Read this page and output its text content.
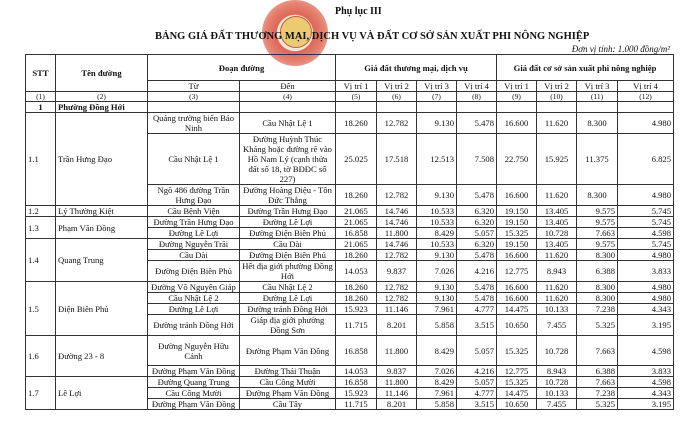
Phụ lục III
BẢNG GIÁ ĐẤT THƯƠNG MẠI, DỊCH VỤ VÀ ĐẤT CƠ SỞ SẢN XUẤT PHI NÔNG NGHIỆP
Đơn vị tính: 1.000 đồng/m²
STT	Tên đường	Đoạn đường		Giá đất thương mại, dịch vụ				Giá đất cơ sở sản xuất phi nông nghiệp			

		Từ	Đến	Vị trí 1	Vị trí 2	Vị trí 3	Vị trí 4	Vị trí 1	Vị trí 2	Vị trí 3	Vị trí 4
(1)	(2)	(3)	(4)	(5)	(6)	(7)	(8)	(9)	(10)	(11)	(12)
1	Phường Đồng Hới										
1.1	Trần Hưng Đạo	Quảng trường biển Bảo Ninh	Cầu Nhật Lệ 1	18.260	12.782	9.130	5.478	16.600	11.620	8.300	4.980
		Cầu Nhật Lệ 1	Đường Huỳnh Thúc Kháng hoặc đường rẽ vào Hồ Nam Lý (cạnh thửa đất số 18, tờ BĐĐC số 227)	25.025	17.518	12.513	7.508	22.750	15.925	11.375	6.825
		Ngõ 486 đường Trần Hưng Đạo	Đường Hoàng Diệu - Tôn Đức Thắng	18.260	12.782	9.130	5.478	16.600	11.620	8.300	4.980
1.2	Lý Thường Kiệt	Cầu Bệnh Viện	Đường Trần Hưng Đạo	21.065	14.746	10.533	6.320	19.150	13.405	9.575	5.745
1.3	Phạm Văn Đồng	Đường Trần Hưng Đạo	Đường Lê Lợi	21.065	14.746	10.533	6.320	19.150	13.405	9.575	5.745
		Đường Lê Lợi	Đường Điện Biên Phủ	16.858	11.800	8.429	5.057	15.325	10.728	7.663	4.598
1.4	Quang Trung	Đường Nguyễn Trãi	Cầu Dài	21.065	14.746	10.533	6.320	19.150	13.405	9.575	5.745
		Cầu Dài	Đường Điện Biên Phủ	18.260	12.782	9.130	5.478	16.600	11.620	8.300	4.980
		Đường Điện Biên Phủ	Hết địa giới phường Đồng Hới	14.053	9.837	7.026	4.216	12.775	8.943	6.388	3.833
1.5	Điện Biên Phủ	Đường Võ Nguyên Giáp	Cầu Nhật Lệ 2	18.260	12.782	9.130	5.478	16.600	11.620	8.300	4.980
		Cầu Nhật Lệ 2	Đường Lê Lợi	18.260	12.782	9.130	5.478	16.600	11.620	8.300	4.980
		Đường Lê Lợi	Đường tránh Đồng Hới	15.923	11.146	7.961	4.777	14.475	10.133	7.238	4.343
		Đường tránh Đồng Hới	Giáp địa giới phường Đồng Sơn	11.715	8.201	5.858	3.515	10.650	7.455	5.325	3.195
1.6	Đường 23 - 8	Đường Nguyễn Hữu Cảnh	Đường Phạm Văn Đồng	16.858	11.800	8.429	5.057	15.325	10.728	7.663	4.598
		Đường Phạm Văn Đồng	Đường Thái Thuận	14.053	9.837	7.026	4.216	12.775	8.943	6.388	3.833
1.7	Lê Lợi	Đường Quang Trung	Cầu Công Mười	16.858	11.800	8.429	5.057	15.325	10.728	7.663	4.598
		Cầu Công Mười	Đường Phạm Văn Đồng	15.923	11.146	7.961	4.777	14.475	10.133	7.238	4.343
		Đường Phạm Văn Đồng	Cầu Tây	11.715	8.201	5.858	3.515	10.650	7.455	5.325	3.195
